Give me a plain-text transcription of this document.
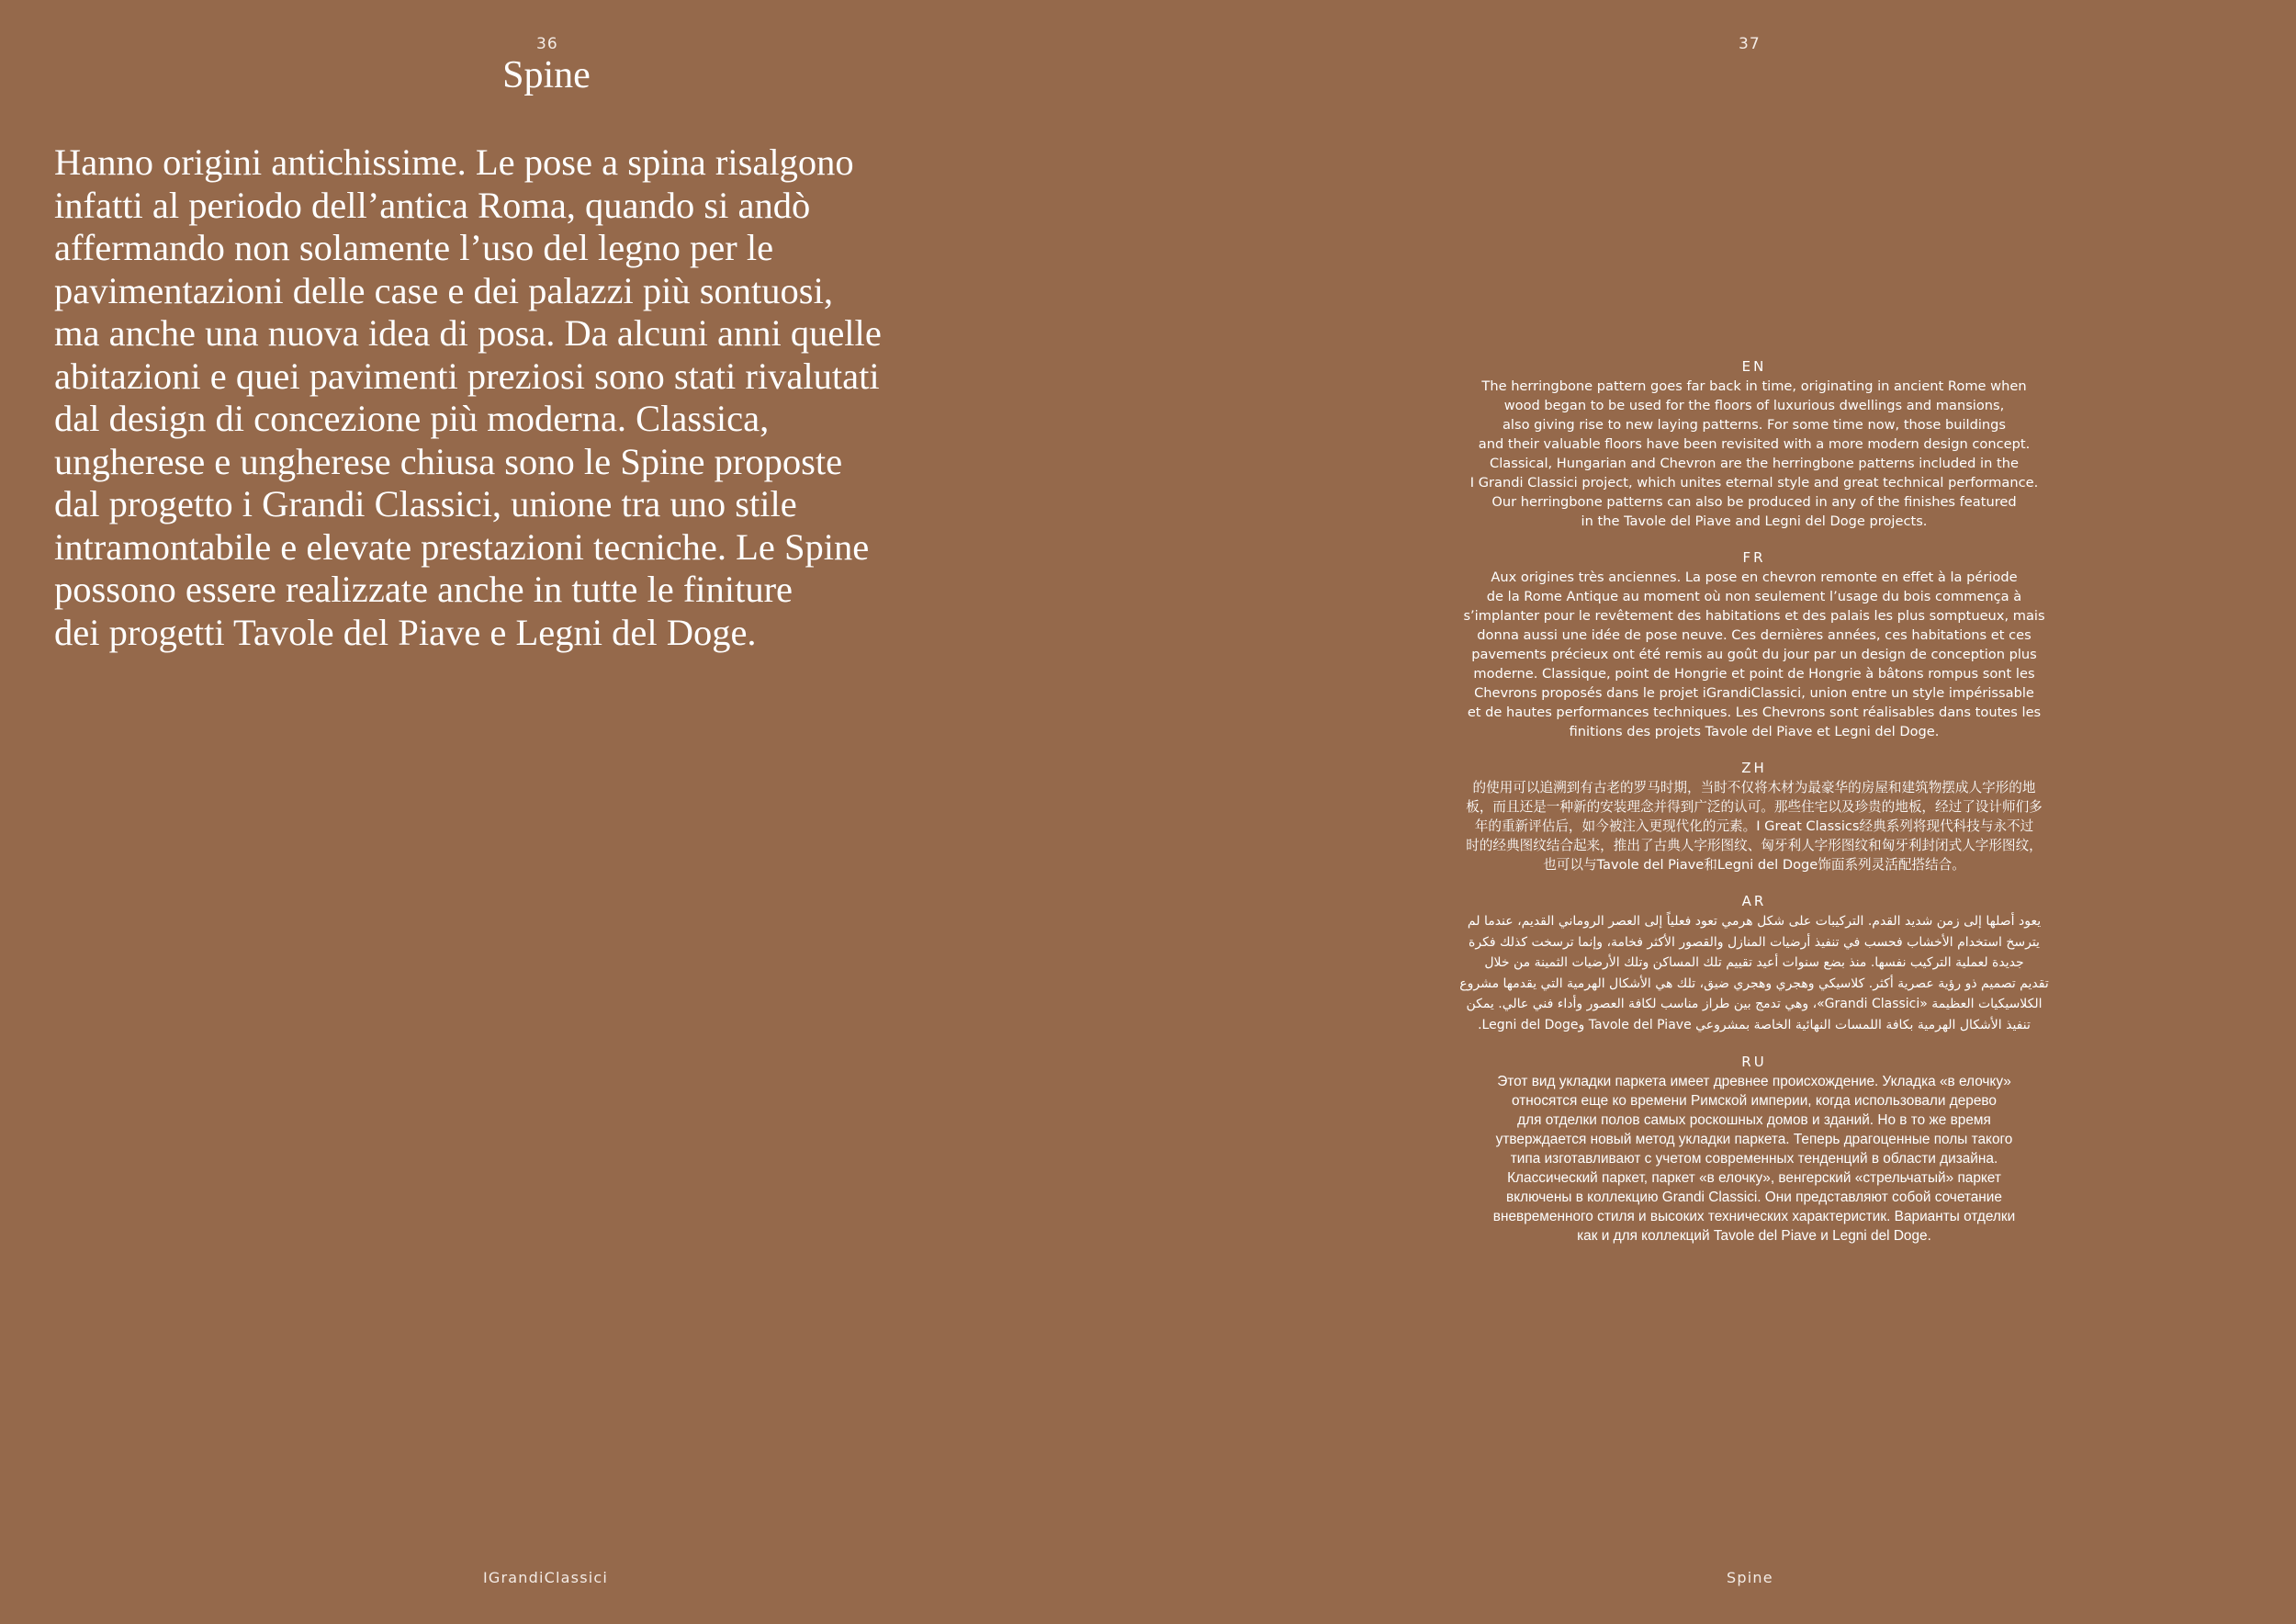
36
Spine

Hanno origini antichissime. Le pose a spina risalgono
infatti al periodo dell’antica Roma, quando si andò
affermando non solamente l’uso del legno per le
pavimentazioni delle case e dei palazzi più sontuosi,
ma anche una nuova idea di posa. Da alcuni anni quelle
abitazioni e quei pavimenti preziosi sono stati rivalutati
dal design di concezione più moderna. Classica,
ungherese e ungherese chiusa sono le Spine proposte
dal progetto i Grandi Classici, unione tra uno stile
intramontabile e elevate prestazioni tecniche. Le Spine
possono essere realizzate anche in tutte le finiture
dei progetti Tavole del Piave e Legni del Doge.

IGrandiClassici
37
EN

The herringbone pattern goes far back in time, originating in ancient Rome when
wood began to be used for the floors of luxurious dwellings and mansions,
also giving rise to new laying patterns. For some time now, those buildings
and their valuable floors have been revisited with a more modern design concept.
Classical, Hungarian and Chevron are the herringbone patterns included in the
I Grandi Classici project, which unites eternal style and great technical performance.
Our herringbone patterns can also be produced in any of the finishes featured
in the Tavole del Piave and Legni del Doge projects.

FR

Aux origines très anciennes. La pose en chevron remonte en effet à la période
de la Rome Antique au moment où non seulement l’usage du bois commença à
s’implanter pour le revêtement des habitations et des palais les plus somptueux, mais
donna aussi une idée de pose neuve. Ces dernières années, ces habitations et ces
pavements précieux ont été remis au goût du jour par un design de conception plus
moderne. Classique, point de Hongrie et point de Hongrie à bâtons rompus sont les
Chevrons proposés dans le projet iGrandiClassici, union entre un style impérissable
et de hautes performances techniques. Les Chevrons sont réalisables dans toutes les
finitions des projets Tavole del Piave et Legni del Doge.

ZH

的使用可以追溯到有古老的罗马时期，当时不仅将木材为最豪华的房屋和建筑物摆成人字形的地
板，而且还是一种新的安装理念并得到广泛的认可。那些住宅以及珍贵的地板，经过了设计师们多
年的重新评估后，如今被注入更现代化的元素。I Great Classics经典系列将现代科技与永不过
时的经典图纹结合起来，推出了古典人字形图纹、匈牙利人字形图纹和匈牙利封闭式人字形图纹，
也可以与Tavole del Piave和Legni del Doge饰面系列灵活配搭结合。

AR

يعود أصلها إلى زمن شديد القدم. التركيبات على شكل هرمي تعود فعلياً إلى العصر الروماني القديم، عندما لم
يترسخ استخدام الأخشاب فحسب في تنفيذ أرضيات المنازل والقصور الأكثر فخامة، وإنما ترسخت كذلك فكرة
جديدة لعملية التركيب نفسها. منذ بضع سنوات أعيد تقييم تلك المساكن وتلك الأرضيات الثمينة من خلال
تقديم تصميم ذو رؤية عصرية أكثر. كلاسيكي وهجري وهجري ضيق، تلك هي الأشكال الهرمية التي يقدمها مشروع
الكلاسيكيات العظيمة «Grandi Classici»، وهي تدمج بين طراز مناسب لكافة العصور وأداء فني عالي. يمكن
تنفيذ الأشكال الهرمية بكافة اللمسات النهائية الخاصة بمشروعي Tavole del Piave وLegni del Doge.

RU

Этот вид укладки паркета имеет древнее происхождение. Укладка «в елочку»
относятся еще ко времени Римской империи, когда использовали дерево
для отделки полов самых роскошных домов и зданий. Но в то же время
утверждается новый метод укладки паркета. Теперь драгоценные полы такого
типа изготавливают с учетом современных тенденций в области дизайна.
Классический паркет, паркет «в елочку», венгерский «стрельчатый» паркет
включены в коллекцию Grandi Classici. Они представляют собой сочетание
вневременного стиля и высоких технических характеристик. Варианты отделки
как и для коллекций Tavole del Piave и Legni del Doge.

Spine
